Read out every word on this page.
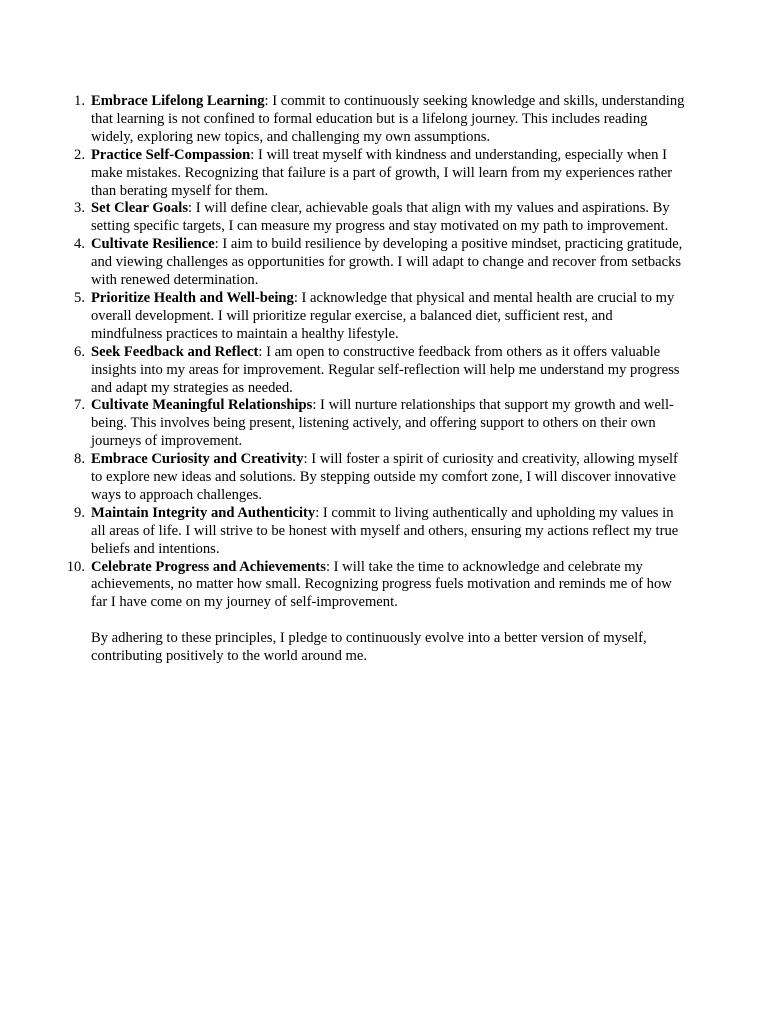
1. Embrace Lifelong Learning: I commit to continuously seeking knowledge and skills, understanding that learning is not confined to formal education but is a lifelong journey. This includes reading widely, exploring new topics, and challenging my own assumptions.
2. Practice Self-Compassion: I will treat myself with kindness and understanding, especially when I make mistakes. Recognizing that failure is a part of growth, I will learn from my experiences rather than berating myself for them.
3. Set Clear Goals: I will define clear, achievable goals that align with my values and aspirations. By setting specific targets, I can measure my progress and stay motivated on my path to improvement.
4. Cultivate Resilience: I aim to build resilience by developing a positive mindset, practicing gratitude, and viewing challenges as opportunities for growth. I will adapt to change and recover from setbacks with renewed determination.
5. Prioritize Health and Well-being: I acknowledge that physical and mental health are crucial to my overall development. I will prioritize regular exercise, a balanced diet, sufficient rest, and mindfulness practices to maintain a healthy lifestyle.
6. Seek Feedback and Reflect: I am open to constructive feedback from others as it offers valuable insights into my areas for improvement. Regular self-reflection will help me understand my progress and adapt my strategies as needed.
7. Cultivate Meaningful Relationships: I will nurture relationships that support my growth and well-being. This involves being present, listening actively, and offering support to others on their own journeys of improvement.
8. Embrace Curiosity and Creativity: I will foster a spirit of curiosity and creativity, allowing myself to explore new ideas and solutions. By stepping outside my comfort zone, I will discover innovative ways to approach challenges.
9. Maintain Integrity and Authenticity: I commit to living authentically and upholding my values in all areas of life. I will strive to be honest with myself and others, ensuring my actions reflect my true beliefs and intentions.
10. Celebrate Progress and Achievements: I will take the time to acknowledge and celebrate my achievements, no matter how small. Recognizing progress fuels motivation and reminds me of how far I have come on my journey of self-improvement.

By adhering to these principles, I pledge to continuously evolve into a better version of myself, contributing positively to the world around me.
